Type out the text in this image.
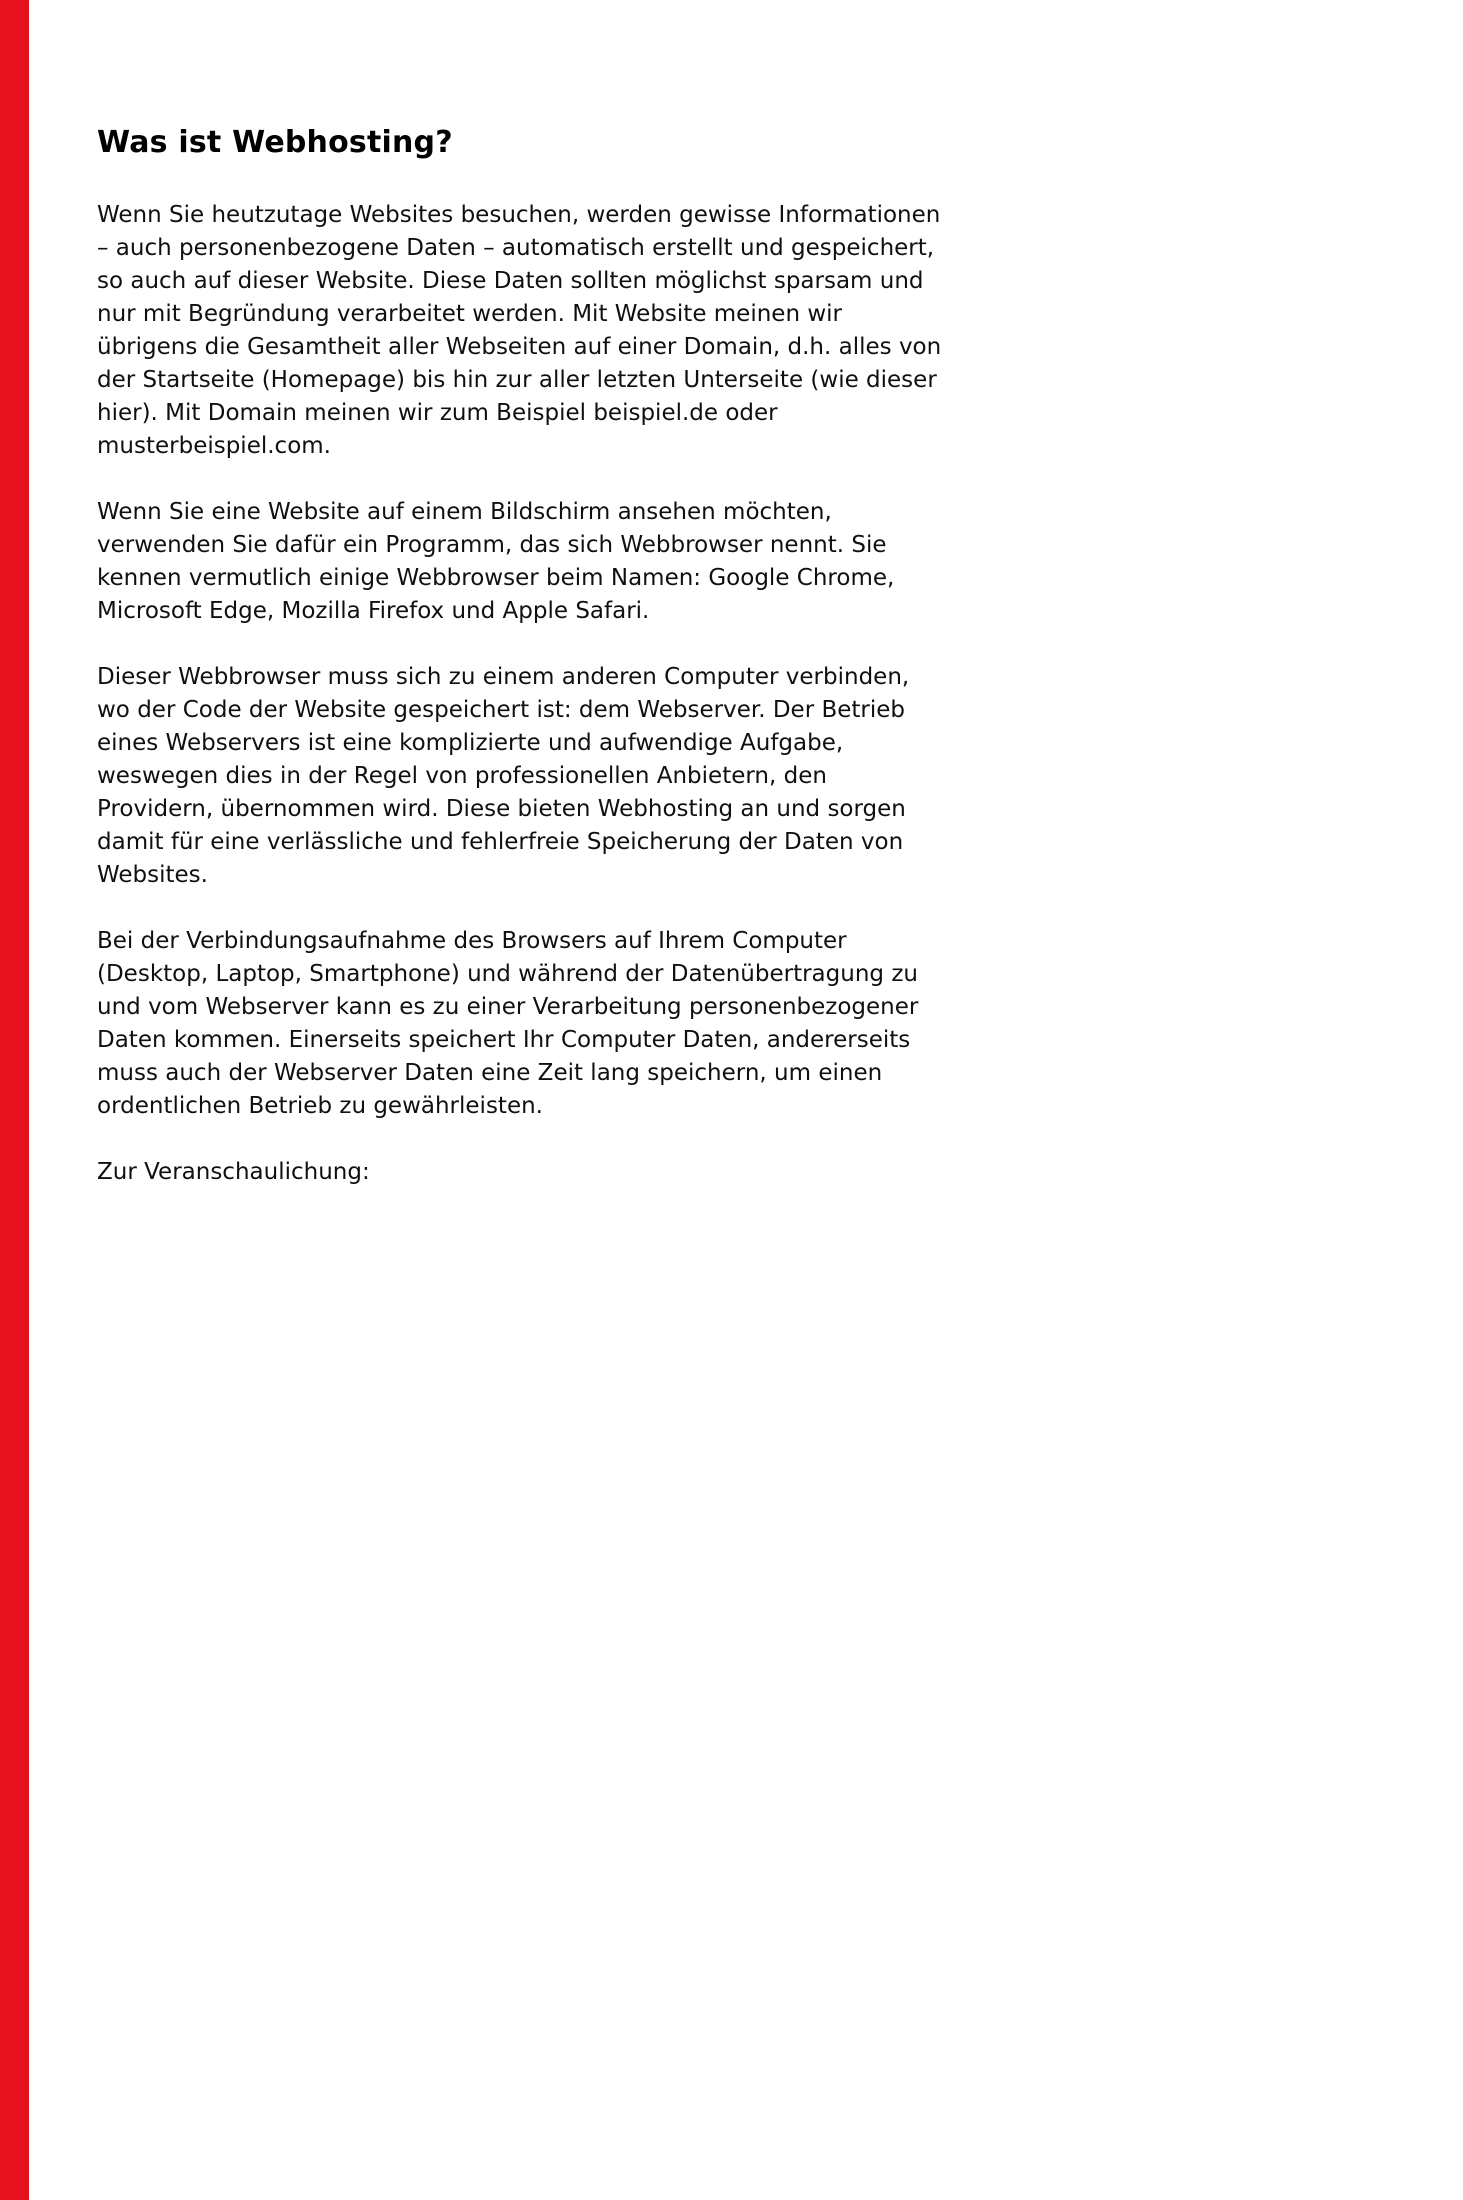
Was ist Webhosting?

Wenn Sie heutzutage Websites besuchen, werden gewisse Informationen – auch personenbezogene Daten – automatisch erstellt und gespeichert, so auch auf dieser Website. Diese Daten sollten möglichst sparsam und nur mit Begründung verarbeitet werden. Mit Website meinen wir übrigens die Gesamtheit aller Webseiten auf einer Domain, d.h. alles von der Startseite (Homepage) bis hin zur aller letzten Unterseite (wie dieser hier). Mit Domain meinen wir zum Beispiel beispiel.de oder musterbeispiel.com.

Wenn Sie eine Website auf einem Bildschirm ansehen möchten, verwenden Sie dafür ein Programm, das sich Webbrowser nennt. Sie kennen vermutlich einige Webbrowser beim Namen: Google Chrome, Microsoft Edge, Mozilla Firefox und Apple Safari.

Dieser Webbrowser muss sich zu einem anderen Computer verbinden, wo der Code der Website gespeichert ist: dem Webserver. Der Betrieb eines Webservers ist eine komplizierte und aufwendige Aufgabe, weswegen dies in der Regel von professionellen Anbietern, den Providern, übernommen wird. Diese bieten Webhosting an und sorgen damit für eine verlässliche und fehlerfreie Speicherung der Daten von Websites.

Bei der Verbindungsaufnahme des Browsers auf Ihrem Computer (Desktop, Laptop, Smartphone) und während der Datenübertragung zu und vom Webserver kann es zu einer Verarbeitung personenbezogener Daten kommen. Einerseits speichert Ihr Computer Daten, andererseits muss auch der Webserver Daten eine Zeit lang speichern, um einen ordentlichen Betrieb zu gewährleisten.

Zur Veranschaulichung:
